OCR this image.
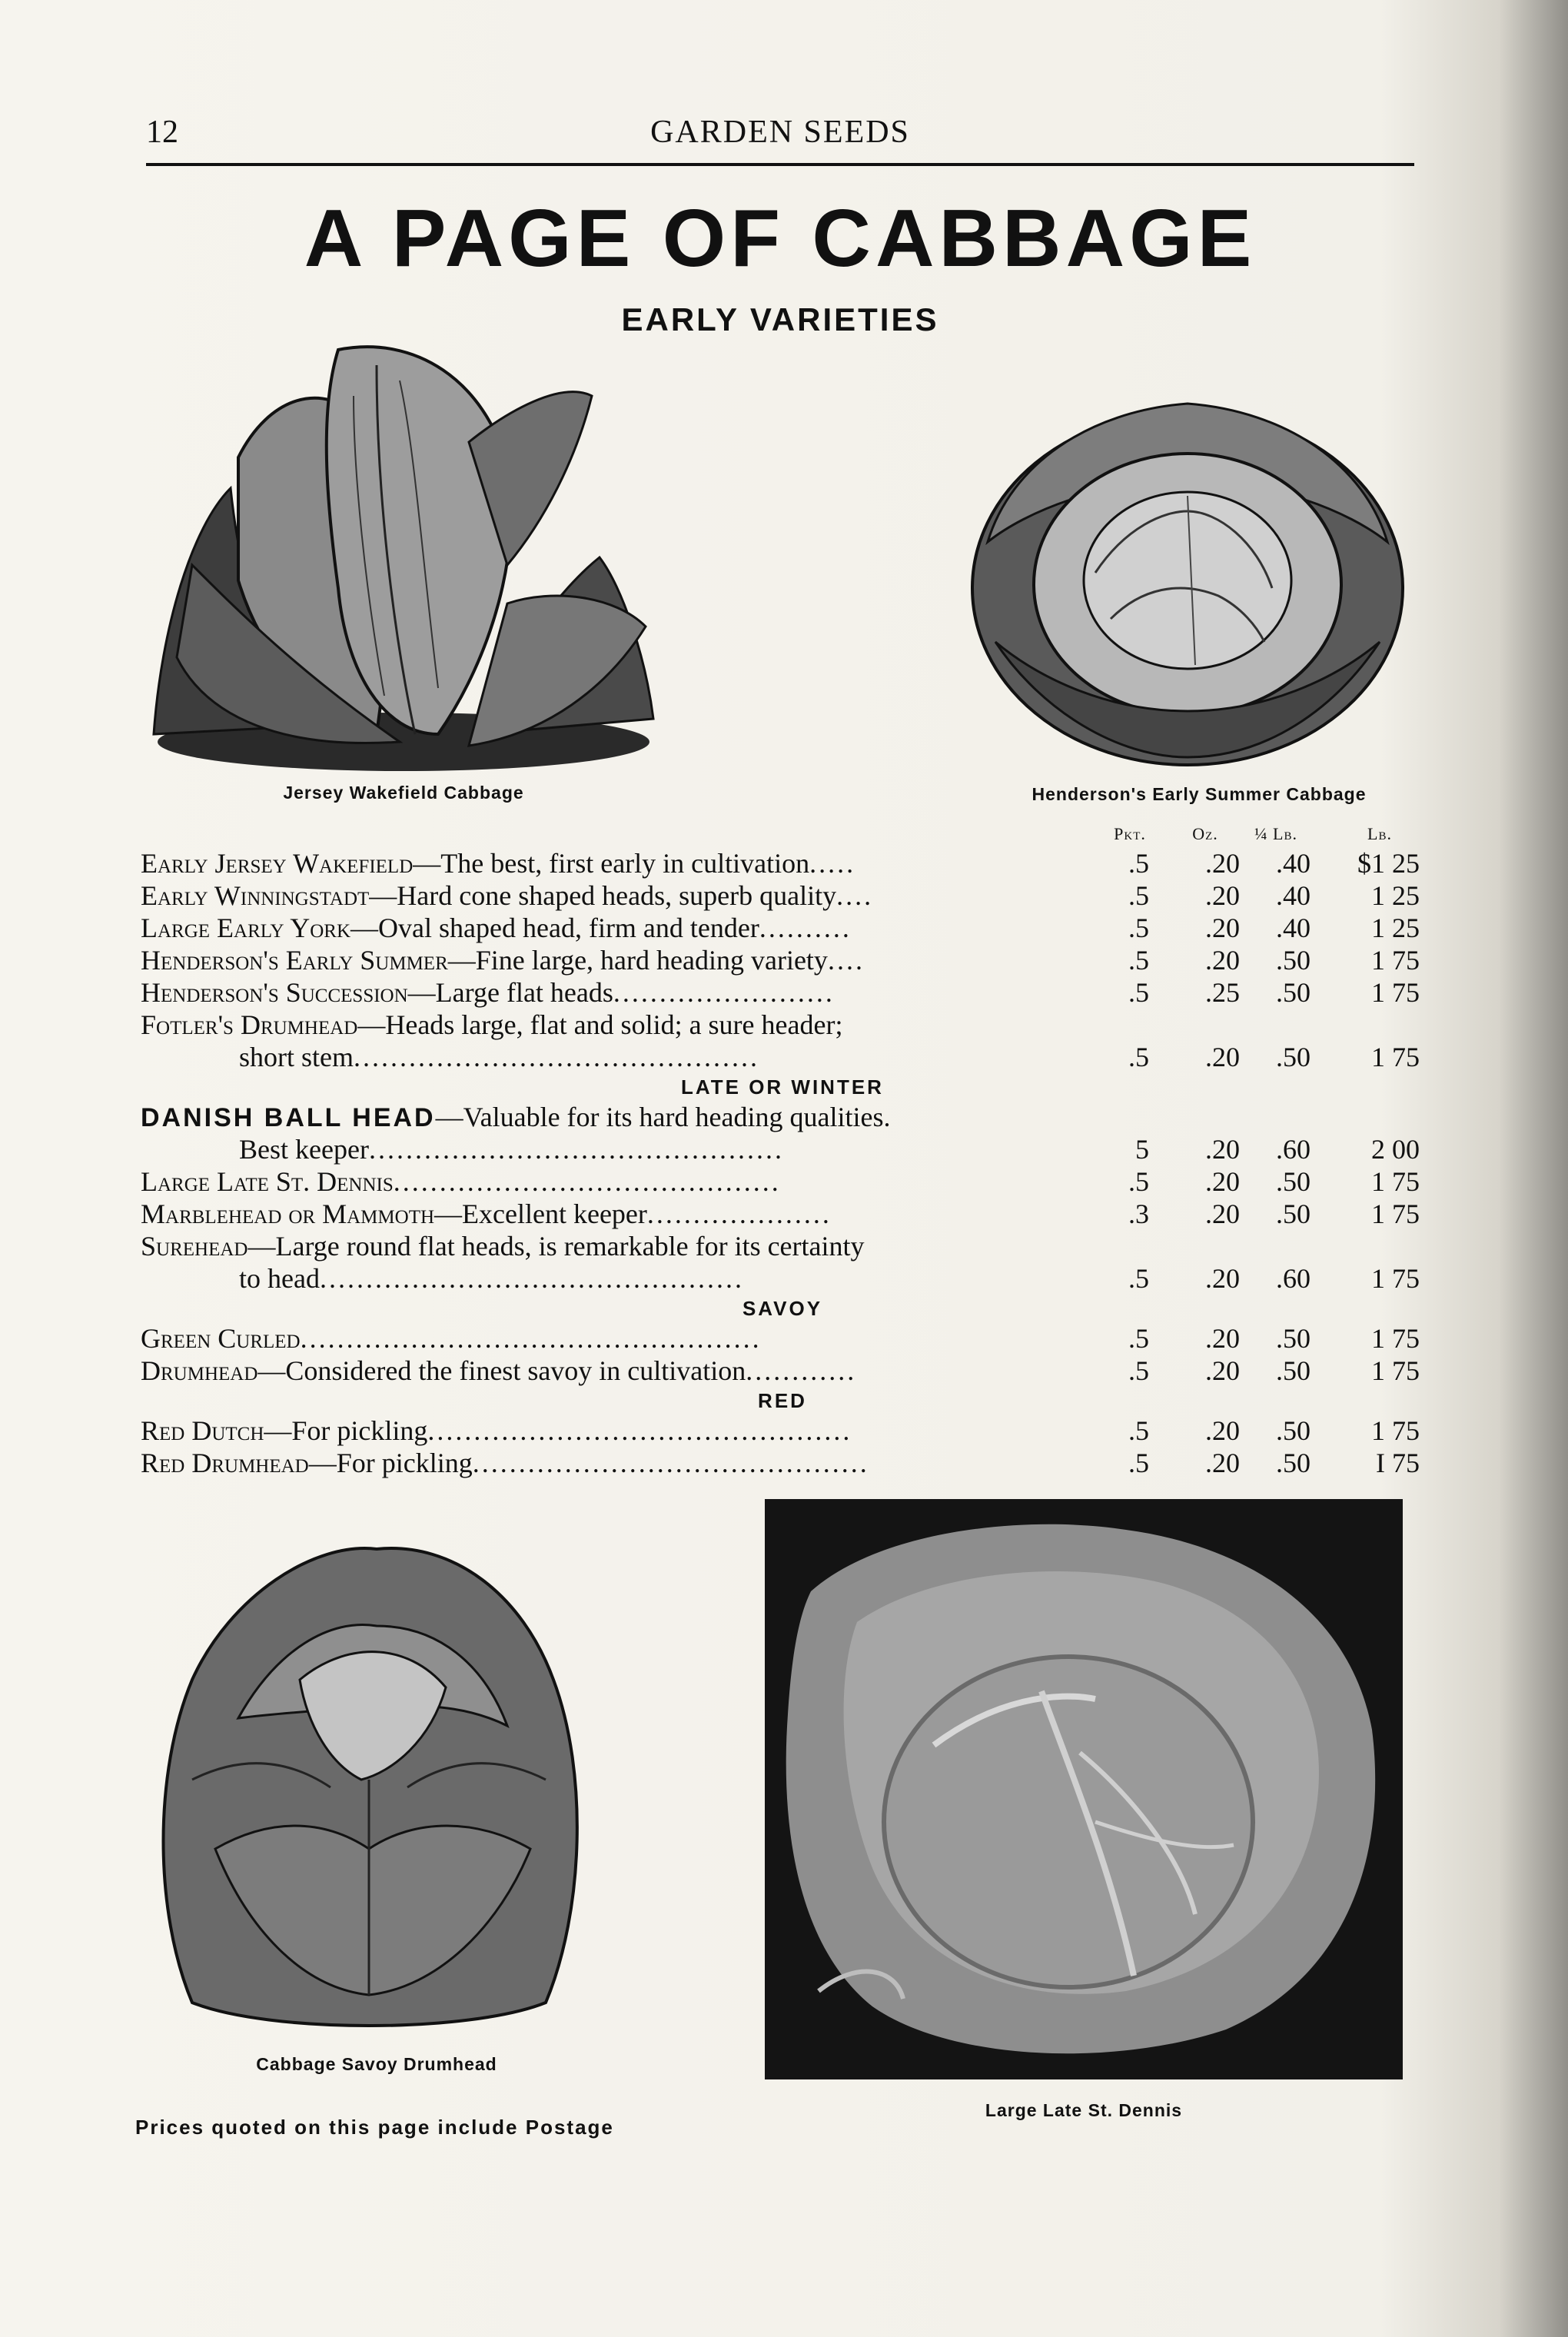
GARDEN SEEDS
12
A PAGE OF CABBAGE
EARLY VARIETIES
Jersey Wakefield Cabbage	Henderson's Early Summer Cabbage
Pkt.	Oz.	¼ Lb.	Lb.
Early Jersey Wakefield—The best, first early in cultivation.....	.5	.20	.40	$1 25
Early Winningstadt—Hard cone shaped heads, superb quality....	.5	.20	.40	1 25
Large Early York—Oval shaped head, firm and tender..........	.5	.20	.40	1 25
Henderson's Early Summer—Fine large, hard heading variety....	.5	.20	.50	1 75
Henderson's Succession—Large flat heads........................	.5	.25	.50	1 75
Fotler's Drumhead—Heads large, flat and solid; a sure header;
short stem............................................	.5	.20	.50	1 75
LATE OR WINTER
DANISH BALL HEAD—Valuable for its hard heading qualities.
Best keeper.............................................	5	.20	.60	2 00
Large Late St. Dennis..........................................	.5	.20	.50	1 75
Marblehead or Mammoth—Excellent keeper....................	.3	.20	.50	1 75
Surehead—Large round flat heads, is remarkable for its certainty
to head..............................................	.5	.20	.60	1 75
SAVOY
Green Curled..................................................	.5	.20	.50	1 75
Drumhead—Considered the finest savoy in cultivation............	.5	.20	.50	1 75
RED
Red Dutch—For pickling..............................................	.5	.20	.50	1 75
Red Drumhead—For pickling...........................................	.5	.20	.50	I 75
Cabbage Savoy Drumhead
Large Late St. Dennis
Prices quoted on this page include Postage
